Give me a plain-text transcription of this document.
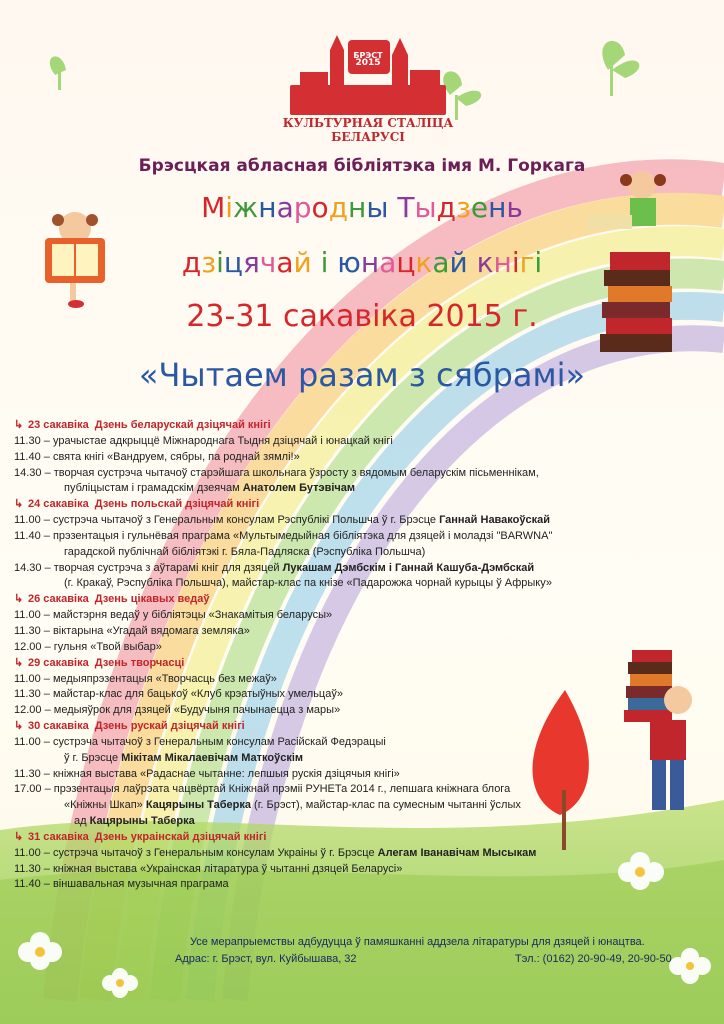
БРЭСТ
2015
КУЛЬТУРНАЯ СТАЛІЦА БЕЛАРУСІ
Брэсцкая абласная бібліятэка імя М. Горкага
Міжнародны Тыдзень
дзіцячай і юнацкай кнігі
23-31 сакавіка 2015 г.
«Чытаем разам з сябрамі»
↳ 23 сакавіка Дзень беларускай дзіцячай кнігі
11.30 – урачыстае адкрыццё Міжнароднага Тыдня дзіцячай і юнацкай кнігі
11.40 – свята кнігі «Вандруем, сябры, па роднай зямлі!»
14.30 – творчая сустрэча чытачоў старэйшага школьнага ўзросту з вядомым беларускім пісьменнікам,
публіцыстам і грамадскім дзеячам Анатолем Бутэвічам
↳ 24 сакавіка Дзень польскай дзіцячай кнігі
11.00 – сустрэча чытачоў з Генеральным консулам Рэспублікі Польшча ў г. Брэсце Ганнай Навакоўскай
11.40 – прэзентацыя і гульнёвая праграма «Мультымедыйная бібліятэка для дзяцей і моладзі "BARWNA"
гарадской публічнай бібліятэкі г. Бяла-Падляска (Рэспубліка Польшча)
14.30 – творчая сустрэча з аўтарамі кніг для дзяцей Лукашам Дэмбскім і Ганнай Кашуба-Дэмбскай
(г. Кракаў, Рэспубліка Польшча), майстар-клас па кнізе «Падарожжа чорнай курыцы ў Афрыку»
↳ 26 сакавіка Дзень цікавых ведаў
11.00 – майстэрня ведаў у бібліятэцы «Знакамітыя беларусы»
11.30 – віктарына «Угадай вядомага земляка»
12.00 – гульня «Твой выбар»
↳ 29 сакавіка Дзень творчасці
11.00 – медыяпрэзентацыя «Творчасць без межаў»
11.30 – майстар-клас для бацькоў «Клуб крэатыўных умельцаў»
12.00 – медыяўрок для дзяцей «Будучыня пачынаецца з мары»
↳ 30 сакавіка Дзень рускай дзіцячай кнігі
11.00 – сустрэча чытачоў з Генеральным консулам Расійскай Федэрацыі
ў г. Брэсце Мікітам Мікалаевічам Маткоўскім
11.30 – кніжная выстава «Радаснае чытанне: лепшыя рускія дзіцячыя кнігі»
17.00 – прэзентацыя лаўрэата чацвёртай Кніжнай прэміі РУНЕТа 2014 г., лепшага кніжнага блога
«Кніжны Шкап» Кацярыны Таберка (г. Брэст), майстар-клас па сумесным чытанні ўслых
ад Кацярыны Таберка
↳ 31 сакавіка Дзень украінскай дзіцячай кнігі
11.00 – сустрэча чытачоў з Генеральным консулам Украіны ў г. Брэсце Алегам Іванавічам Мысыкам
11.30 – кніжная выстава «Украінская літаратура ў чытанні дзяцей Беларусі»
11.40 – віншавальная музычная праграма
Усе мерапрыемствы адбудуцца ў памяшканні аддзела літаратуры для дзяцей і юнацтва.
Адрас: г. Брэст, вул. Куйбышава, 32	Тэл.: (0162) 20-90-49, 20-90-50
